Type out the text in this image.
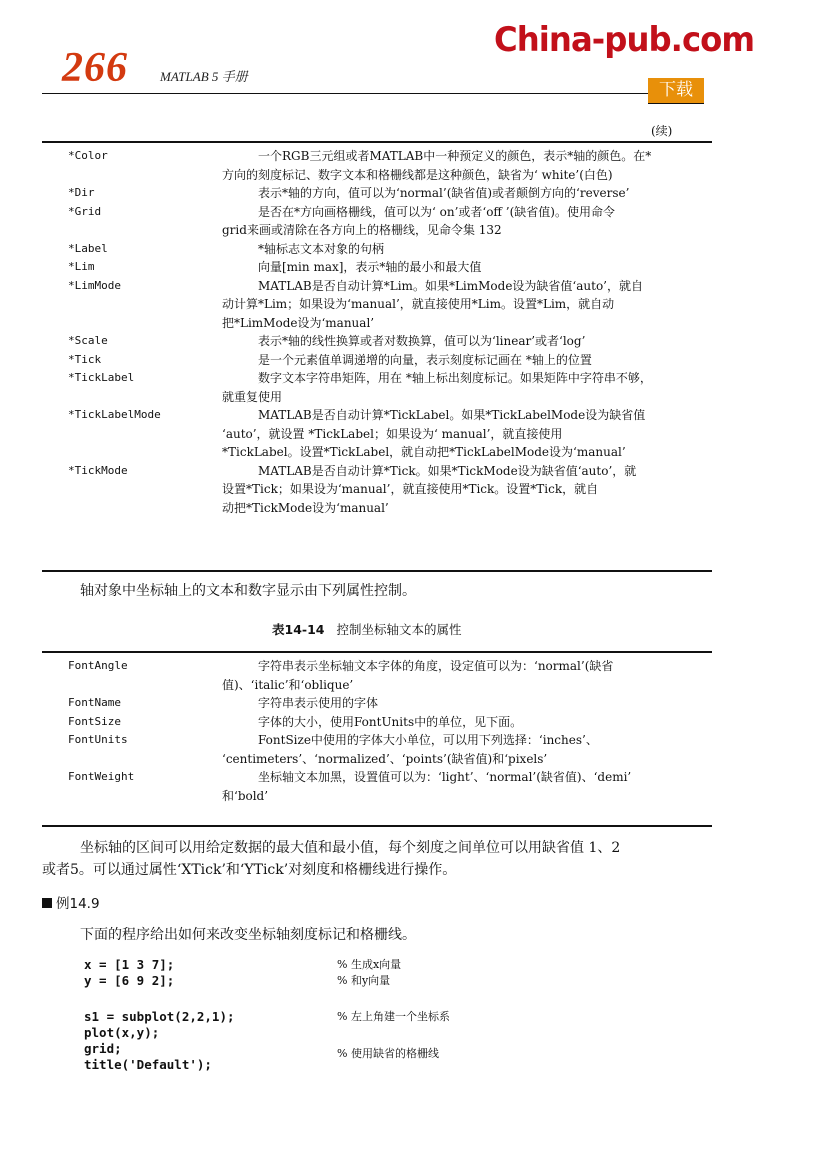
266 MATLAB 5 手册
China-pub.com
下载
(续)
*Color	一个RGB三元组或者MATLAB中一种预定义的颜色，表示*轴的颜色。在*
方向的刻度标记、数字文本和格栅线都是这种颜色，缺省为‘ white’(白色)
*Dir	表示*轴的方向，值可以为‘normal’(缺省值)或者颠倒方向的‘reverse’
*Grid	是否在*方向画格栅线，值可以为‘ on’或者‘off ’(缺省值)。使用命令
grid来画或清除在各方向上的格栅线，见命令集 132
*Label	*轴标志文本对象的句柄
*Lim	向量[min max]，表示*轴的最小和最大值
*LimMode	MATLAB是否自动计算*Lim。如果*LimMode设为缺省值‘auto’，就自
动计算*Lim；如果设为‘manual’，就直接使用*Lim。设置*Lim，就自动
把*LimMode设为‘manual’
*Scale	表示*轴的线性换算或者对数换算，值可以为‘linear’或者‘log’
*Tick	是一个元素值单调递增的向量，表示刻度标记画在 *轴上的位置
*TickLabel	数字文本字符串矩阵，用在 *轴上标出刻度标记。如果矩阵中字符串不够，
就重复使用
*TickLabelMode	MATLAB是否自动计算*TickLabel。如果*TickLabelMode设为缺省值
‘auto’，就设置 *TickLabel；如果设为‘ manual’，就直接使用
*TickLabel。设置*TickLabel，就自动把*TickLabelMode设为‘manual’
*TickMode	MATLAB是否自动计算*Tick。如果*TickMode设为缺省值‘auto’，就
设置*Tick；如果设为‘manual’，就直接使用*Tick。设置*Tick，就自
动把*TickMode设为‘manual’
轴对象中坐标轴上的文本和数字显示由下列属性控制。
表14-14 控制坐标轴文本的属性
FontAngle	字符串表示坐标轴文本字体的角度，设定值可以为：‘normal’(缺省
值)、‘italic’和‘oblique’
FontName	字符串表示使用的字体
FontSize	字体的大小，使用FontUnits中的单位，见下面。
FontUnits	FontSize中使用的字体大小单位，可以用下列选择：‘inches’、
‘centimeters’、‘normalized’、‘points’(缺省值)和‘pixels’
FontWeight	坐标轴文本加黑，设置值可以为：‘light’、‘normal’(缺省值)、‘demi’
和‘bold’
坐标轴的区间可以用给定数据的最大值和最小值，每个刻度之间单位可以用缺省值 1、2
或者5。可以通过属性‘XTick’和‘YTick’对刻度和格栅线进行操作。
例14.9
下面的程序给出如何来改变坐标轴刻度标记和格栅线。
x = [1 3 7];	% 生成x向量
y = [6 9 2];	% 和y向量
s1 = subplot(2,2,1);	% 左上角建一个坐标系
plot(x,y);
grid;	% 使用缺省的格栅线
title('Default');
